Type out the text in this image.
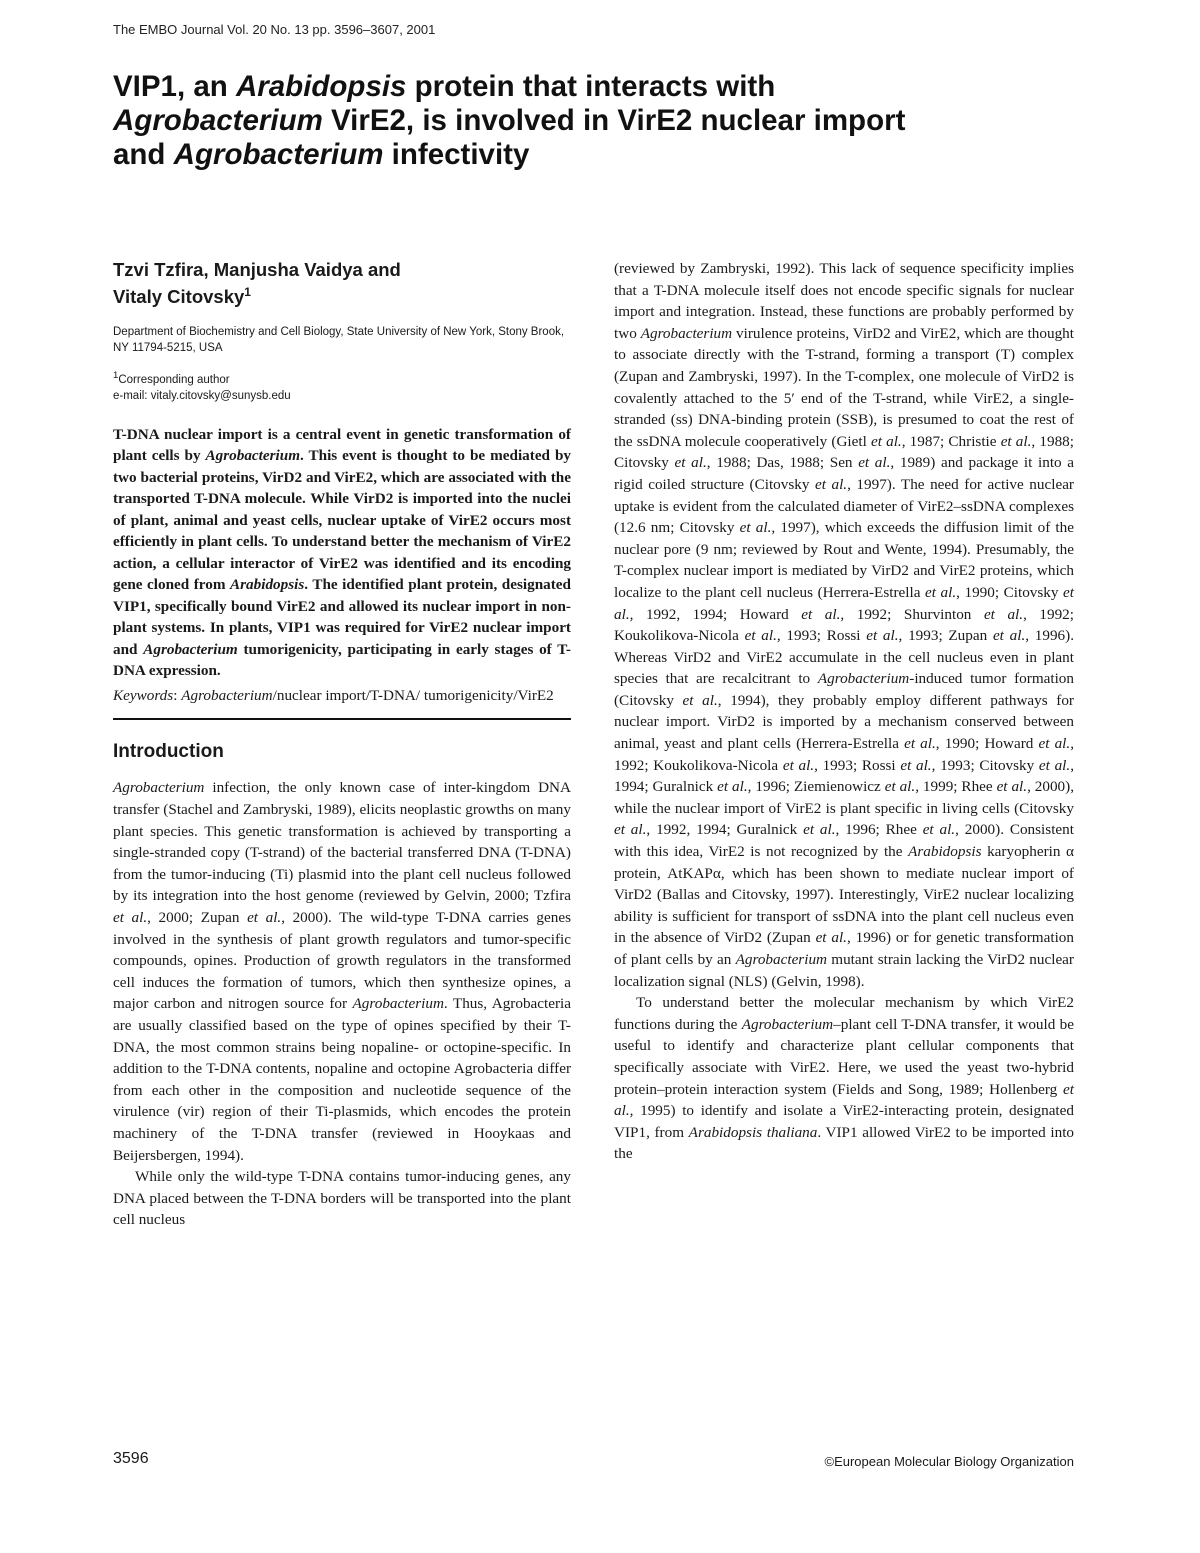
The EMBO Journal Vol. 20 No. 13 pp. 3596–3607, 2001
VIP1, an Arabidopsis protein that interacts with Agrobacterium VirE2, is involved in VirE2 nuclear import and Agrobacterium infectivity
Tzvi Tzfira, Manjusha Vaidya and
Vitaly Citovsky$^1$
Department of Biochemistry and Cell Biology, State University of New York, Stony Brook, NY 11794-5215, USA
$^1$Corresponding author
e-mail: vitaly.citovsky@sunysb.edu

T-DNA nuclear import is a central event in genetic transformation of plant cells by Agrobacterium. This event is thought to be mediated by two bacterial proteins, VirD2 and VirE2, which are associated with the transported T-DNA molecule. While VirD2 is imported into the nuclei of plant, animal and yeast cells, nuclear uptake of VirE2 occurs most efficiently in plant cells. To understand better the mechanism of VirE2 action, a cellular interactor of VirE2 was identified and its encoding gene cloned from Arabidopsis. The identified plant protein, designated VIP1, specifically bound VirE2 and allowed its nuclear import in non-plant systems. In plants, VIP1 was required for VirE2 nuclear import and Agrobacterium tumorigenicity, participating in early stages of T-DNA expression.

Keywords: Agrobacterium/nuclear import/T-DNA/ tumorigenicity/VirE2

Introduction

Agrobacterium infection, the only known case of inter-kingdom DNA transfer (Stachel and Zambryski, 1989), elicits neoplastic growths on many plant species. This genetic transformation is achieved by transporting a single-stranded copy (T-strand) of the bacterial transferred DNA (T-DNA) from the tumor-inducing (Ti) plasmid into the plant cell nucleus followed by its integration into the host genome (reviewed by Gelvin, 2000; Tzfira et al., 2000; Zupan et al., 2000). The wild-type T-DNA carries genes involved in the synthesis of plant growth regulators and tumor-specific compounds, opines. Production of growth regulators in the transformed cell induces the formation of tumors, which then synthesize opines, a major carbon and nitrogen source for Agrobacterium. Thus, Agrobacteria are usually classified based on the type of opines specified by their T-DNA, the most common strains being nopaline- or octopine-specific. In addition to the T-DNA contents, nopaline and octopine Agrobacteria differ from each other in the composition and nucleotide sequence of the virulence (vir) region of their Ti-plasmids, which encodes the protein machinery of the T-DNA transfer (reviewed in Hooykaas and Beijersbergen, 1994).

While only the wild-type T-DNA contains tumor-inducing genes, any DNA placed between the T-DNA borders will be transported into the plant cell nucleus

(reviewed by Zambryski, 1992). This lack of sequence specificity implies that a T-DNA molecule itself does not encode specific signals for nuclear import and integration. Instead, these functions are probably performed by two Agrobacterium virulence proteins, VirD2 and VirE2, which are thought to associate directly with the T-strand, forming a transport (T) complex (Zupan and Zambryski, 1997). In the T-complex, one molecule of VirD2 is covalently attached to the 5′ end of the T-strand, while VirE2, a single-stranded (ss) DNA-binding protein (SSB), is presumed to coat the rest of the ssDNA molecule cooperatively (Gietl et al., 1987; Christie et al., 1988; Citovsky et al., 1988; Das, 1988; Sen et al., 1989) and package it into a rigid coiled structure (Citovsky et al., 1997). The need for active nuclear uptake is evident from the calculated diameter of VirE2–ssDNA complexes (12.6 nm; Citovsky et al., 1997), which exceeds the diffusion limit of the nuclear pore (9 nm; reviewed by Rout and Wente, 1994). Presumably, the T-complex nuclear import is mediated by VirD2 and VirE2 proteins, which localize to the plant cell nucleus (Herrera-Estrella et al., 1990; Citovsky et al., 1992, 1994; Howard et al., 1992; Shurvinton et al., 1992; Koukolikova-Nicola et al., 1993; Rossi et al., 1993; Zupan et al., 1996). Whereas VirD2 and VirE2 accumulate in the cell nucleus even in plant species that are recalcitrant to Agrobacterium-induced tumor formation (Citovsky et al., 1994), they probably employ different pathways for nuclear import. VirD2 is imported by a mechanism conserved between animal, yeast and plant cells (Herrera-Estrella et al., 1990; Howard et al., 1992; Koukolikova-Nicola et al., 1993; Rossi et al., 1993; Citovsky et al., 1994; Guralnick et al., 1996; Ziemienowicz et al., 1999; Rhee et al., 2000), while the nuclear import of VirE2 is plant specific in living cells (Citovsky et al., 1992, 1994; Guralnick et al., 1996; Rhee et al., 2000). Consistent with this idea, VirE2 is not recognized by the Arabidopsis karyopherin α protein, AtKAPα, which has been shown to mediate nuclear import of VirD2 (Ballas and Citovsky, 1997). Interestingly, VirE2 nuclear localizing ability is sufficient for transport of ssDNA into the plant cell nucleus even in the absence of VirD2 (Zupan et al., 1996) or for genetic transformation of plant cells by an Agrobacterium mutant strain lacking the VirD2 nuclear localization signal (NLS) (Gelvin, 1998).

To understand better the molecular mechanism by which VirE2 functions during the Agrobacterium–plant cell T-DNA transfer, it would be useful to identify and characterize plant cellular components that specifically associate with VirE2. Here, we used the yeast two-hybrid protein–protein interaction system (Fields and Song, 1989; Hollenberg et al., 1995) to identify and isolate a VirE2-interacting protein, designated VIP1, from Arabidopsis thaliana. VIP1 allowed VirE2 to be imported into the

3596	©European Molecular Biology Organization
